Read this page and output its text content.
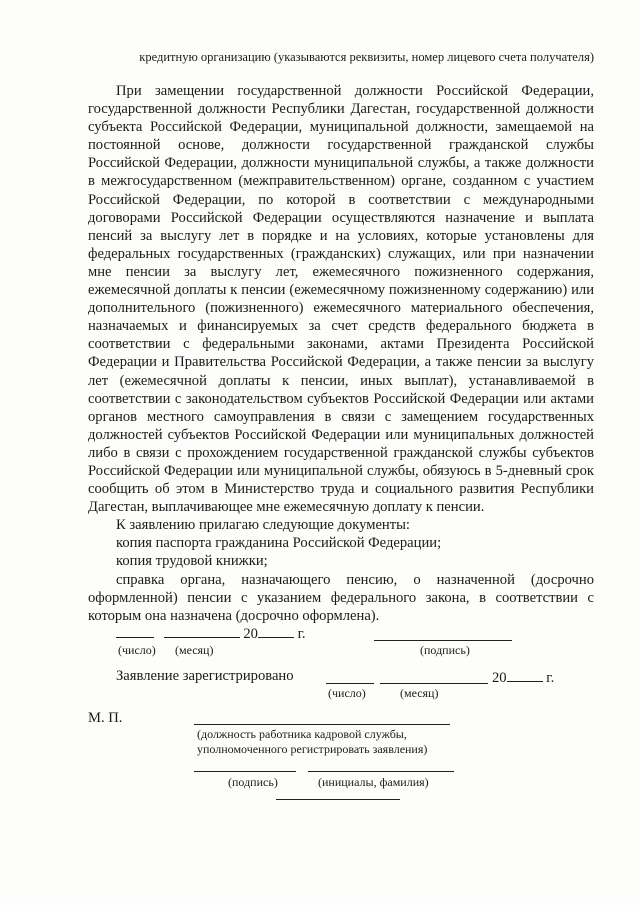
кредитную организацию (указываются реквизиты, номер лицевого счета получателя)

При замещении государственной должности Российской Федерации, государственной должности Республики Дагестан, государственной должности субъекта Российской Федерации, муниципальной должности, замещаемой на постоянной основе, должности государственной гражданской службы Российской Федерации, должности муниципальной службы, а также должности в межгосударственном (межправительственном) органе, созданном с участием Российской Федерации, по которой в соответствии с международными договорами Российской Федерации осуществляются назначение и выплата пенсий за выслугу лет в порядке и на условиях, которые установлены для федеральных государственных (гражданских) служащих, или при назначении мне пенсии за выслугу лет, ежемесячного пожизненного содержания, ежемесячной доплаты к пенсии (ежемесячному пожизненному содержанию) или дополнительного (пожизненного) ежемесячного материального обеспечения, назначаемых и финансируемых за счет средств федерального бюджета в соответствии с федеральными законами, актами Президента Российской Федерации и Правительства Российской Федерации, а также пенсии за выслугу лет (ежемесячной доплаты к пенсии, иных выплат), устанавливаемой в соответствии с законодательством субъектов Российской Федерации или актами органов местного самоуправления в связи с замещением государственных должностей субъектов Российской Федерации или муниципальных должностей либо в связи с прохождением государственной гражданской службы субъектов Российской Федерации или муниципальной службы, обязуюсь в 5-дневный срок сообщить об этом в Министерство труда и социального развития Республики Дагестан, выплачивающее мне ежемесячную доплату к пенсии.

К заявлению прилагаю следующие документы:

копия паспорта гражданина Российской Федерации;

копия трудовой книжки;

справка органа, назначающего пенсию, о назначенной (досрочно оформленной) пенсии с указанием федерального закона, в соответствии с которым она назначена (досрочно оформлена).

20	г.
(число) (месяц)	(подпись)
Заявление зарегистрировано	20	г.
(число)	(месяц)
М. П.
(должность работника кадровой службы,
уполномоченного регистрировать заявления)
(подпись)	(инициалы, фамилия)
